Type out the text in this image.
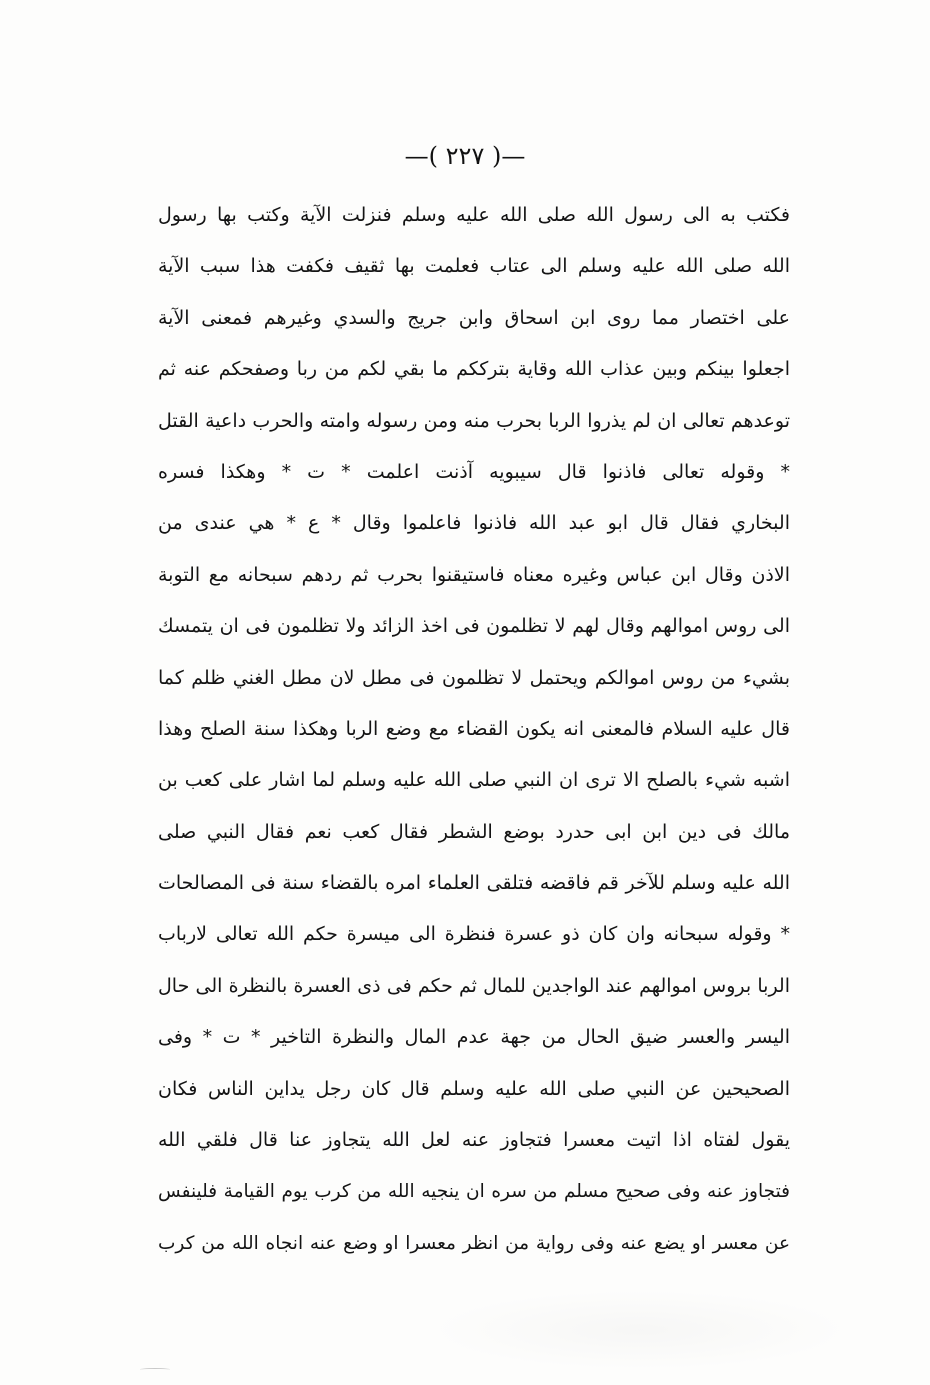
—( ٢٢٧ )—
فكتب به الى رسول الله صلى الله عليه وسلم فنزلت الآية وكتب بها رسول
الله صلى الله عليه وسلم الى عتاب فعلمت بها ثقيف فكفت هذا سبب الآية
على اختصار مما روى ابن اسحاق وابن جريج والسدي وغيرهم فمعنى الآية
اجعلوا بينكم وبين عذاب الله وقاية بترككم ما بقي لكم من ربا وصفحكم عنه ثم
توعدهم تعالى ان لم يذروا الربا بحرب منه ومن رسوله وامته والحرب داعية القتل
* وقوله تعالى فاذنوا قال سيبويه آذنت اعلمت * ت * وهكذا فسره
البخاري فقال قال ابو عبد الله فاذنوا فاعلموا وقال * ع * هي عندى من
الاذن وقال ابن عباس وغيره معناه فاستيقنوا بحرب ثم ردهم سبحانه مع التوبة
الى روس اموالهم وقال لهم لا تظلمون فى اخذ الزائد ولا تظلمون فى ان يتمسك
بشيء من روس اموالكم ويحتمل لا تظلمون فى مطل لان مطل الغني ظلم كما
قال عليه السلام فالمعنى انه يكون القضاء مع وضع الربا وهكذا سنة الصلح وهذا
اشبه شيء بالصلح الا ترى ان النبي صلى الله عليه وسلم لما اشار على كعب بن
مالك فى دين ابن ابى حدرد بوضع الشطر فقال كعب نعم فقال النبي صلى
الله عليه وسلم للآخر قم فاقضه فتلقى العلماء امره بالقضاء سنة فى المصالحات
* وقوله سبحانه وان كان ذو عسرة فنظرة الى ميسرة حكم الله تعالى لارباب
الربا بروس اموالهم عند الواجدين للمال ثم حكم فى ذى العسرة بالنظرة الى حال
اليسر والعسر ضيق الحال من جهة عدم المال والنظرة التاخير * ت * وفى
الصحيحين عن النبي صلى الله عليه وسلم قال كان رجل يداين الناس فكان
يقول لفتاه اذا اتيت معسرا فتجاوز عنه لعل الله يتجاوز عنا قال فلقي الله
فتجاوز عنه وفى صحيح مسلم من سره ان ينجيه الله من كرب يوم القيامة فلينفس
عن معسر او يضع عنه وفى رواية من انظر معسرا او وضع عنه انجاه الله من كرب
